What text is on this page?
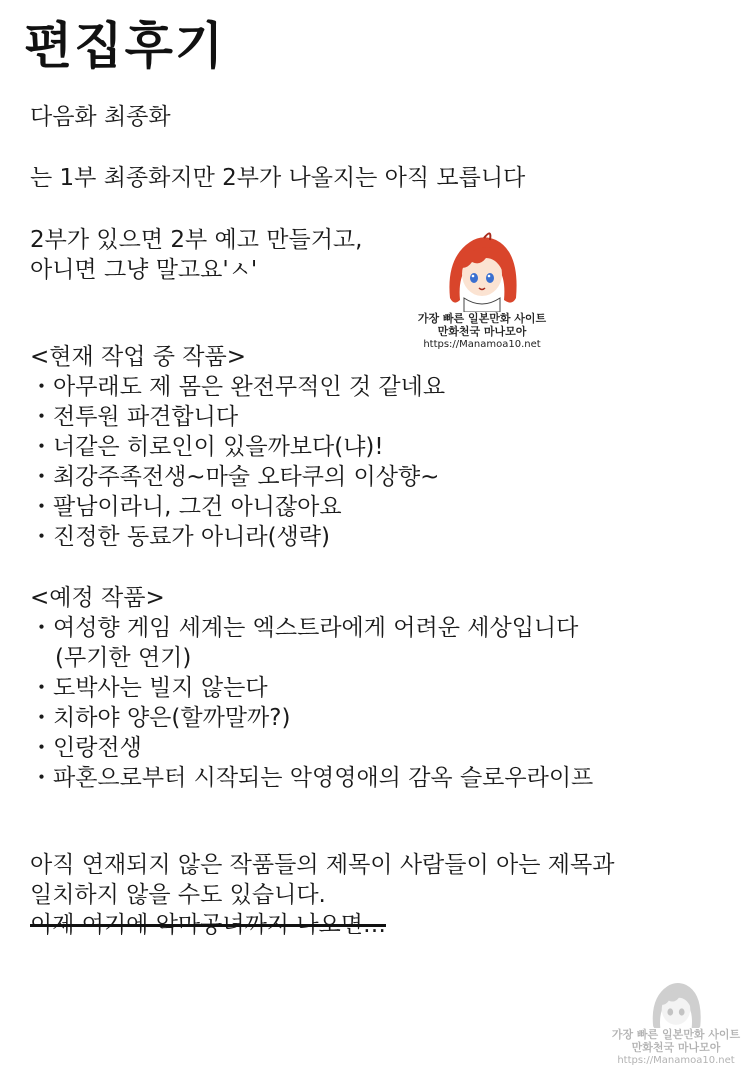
편집후기
다음화 최종화
는 1부 최종화지만 2부가 나올지는 아직 모릅니다
2부가 있으면 2부 예고 만들거고,
아니면 그냥 말고요'ㅅ'
<현재 작업 중 작품>
・아무래도 제 몸은 완전무적인 것 같네요
・전투원 파견합니다
・너같은 히로인이 있을까보다(냐)!
・최강주족전생~마술 오타쿠의 이상향~
・팔남이라니, 그건 아니잖아요
・진정한 동료가 아니라(생략)
<예정 작품>
・여성향 게임 세계는 엑스트라에게 어려운 세상입니다
(무기한 연기)
・도박사는 빌지 않는다
・치하야 양은(할까말까?)
・인랑전생
・파혼으로부터 시작되는 악영영애의 감옥 슬로우라이프
아직 연재되지 않은 작품들의 제목이 사람들이 아는 제목과
일치하지 않을 수도 있습니다.
이제 여기에 악마공녀까지 나오면…
가장 빠른 일본만화 사이트
만화천국 마나모아
https://Manamoa10.net
가장 빠른 일본만화 사이트
만화천국 마나모아
https://Manamoa10.net
